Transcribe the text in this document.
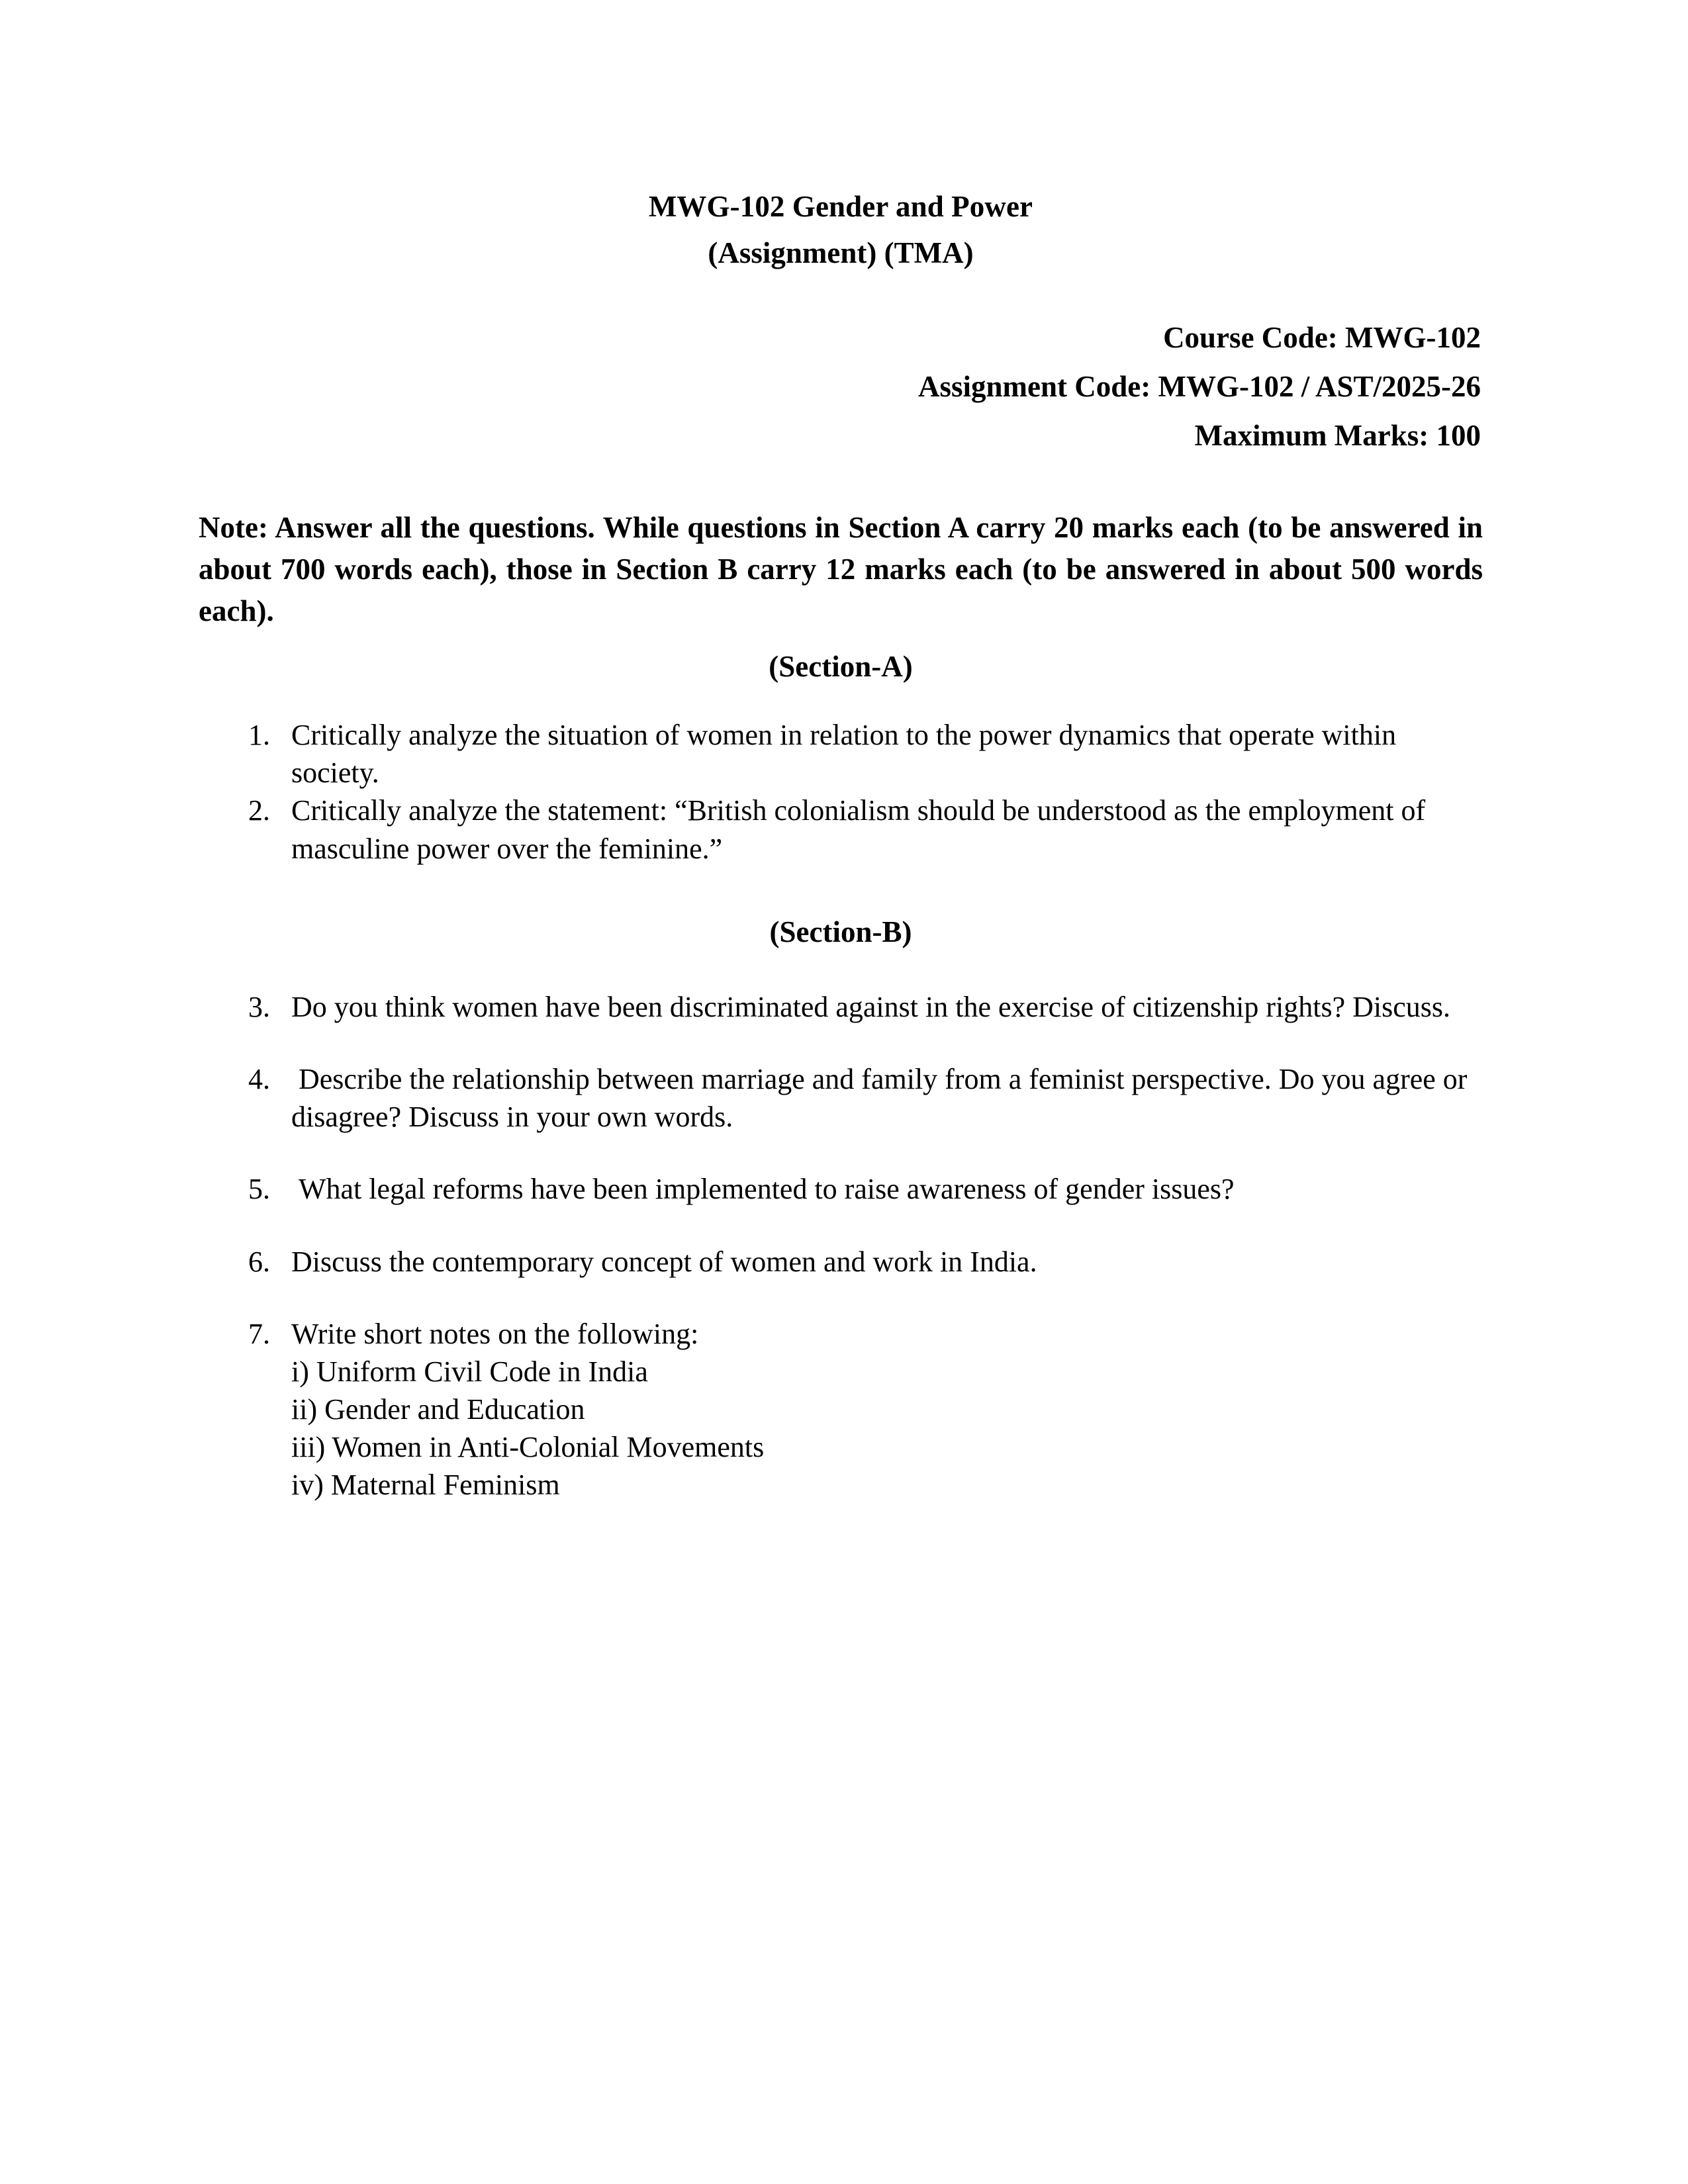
MWG-102 Gender and Power
(Assignment) (TMA)
Course Code: MWG-102
Assignment Code: MWG-102 / AST/2025-26
Maximum Marks: 100

Note: Answer all the questions. While questions in Section A carry 20 marks each (to be answered in about 700 words each), those in Section B carry 12 marks each (to be answered in about 500 words each).

(Section-A)
1. Critically analyze the situation of women in relation to the power dynamics that operate within society.
2. Critically analyze the statement: “British colonialism should be understood as the employment of masculine power over the feminine.”
(Section-B)
3. Do you think women have been discriminated against in the exercise of citizenship rights? Discuss.
4. Describe the relationship between marriage and family from a feminist perspective. Do you agree or disagree? Discuss in your own words.
5. What legal reforms have been implemented to raise awareness of gender issues?
6. Discuss the contemporary concept of women and work in India.
7. Write short notes on the following:
i) Uniform Civil Code in India
ii) Gender and Education
iii) Women in Anti-Colonial Movements
iv) Maternal Feminism
